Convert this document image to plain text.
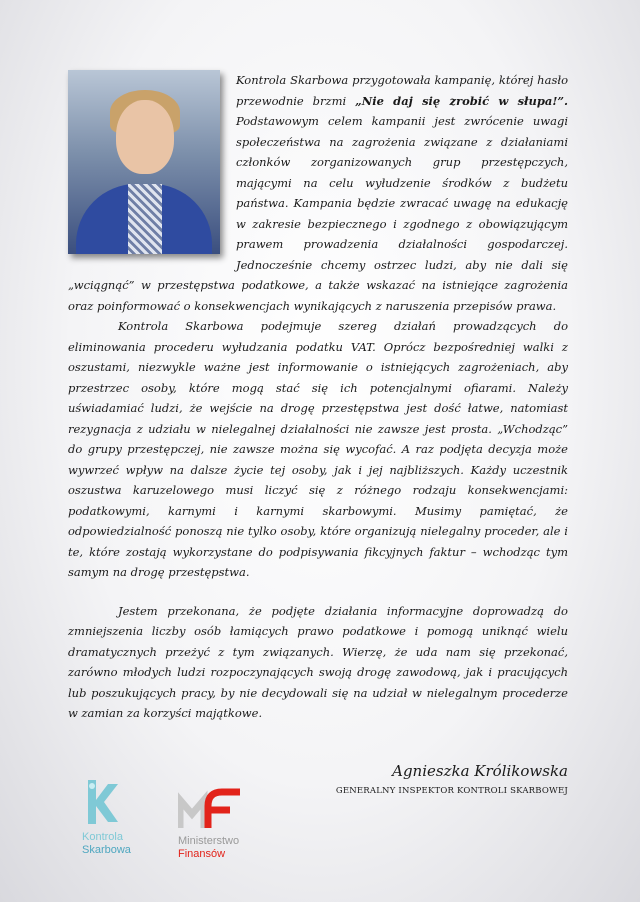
Kontrola Skarbowa przygotowała kampanię, której hasło przewodnie brzmi „Nie daj się zrobić w słupa!”. Podstawowym celem kampanii jest zwrócenie uwagi społeczeństwa na zagrożenia związane z działaniami członków zorganizowanych grup przestępczych, mającymi na celu wyłudzenie środków z budżetu państwa. Kampania będzie zwracać uwagę na edukację w zakresie bezpiecznego i zgodnego z obowiązującym prawem prowadzenia działalności gospodarczej. Jednocześnie chcemy ostrzec ludzi, aby nie dali się „wciągnąć” w przestępstwa podatkowe, a także wskazać na istniejące zagrożenia oraz poinformować o konsekwencjach wynikających z naruszenia przepisów prawa.

Kontrola Skarbowa podejmuje szereg działań prowadzących do eliminowania procederu wyłudzania podatku VAT. Oprócz bezpośredniej walki z oszustami, niezwykle ważne jest informowanie o istniejących zagrożeniach, aby przestrzec osoby, które mogą stać się ich potencjalnymi ofiarami. Należy uświadamiać ludzi, że wejście na drogę przestępstwa jest dość łatwe, natomiast rezygnacja z udziału w nielegalnej działalności nie zawsze jest prosta. „Wchodząc” do grupy przestępczej, nie zawsze można się wycofać. A raz podjęta decyzja może wywrzeć wpływ na dalsze życie tej osoby, jak i jej najbliższych. Każdy uczestnik oszustwa karuzelowego musi liczyć się z różnego rodzaju konsekwencjami: podatkowymi, karnymi i karnymi skarbowymi. Musimy pamiętać, że odpowiedzialność ponoszą nie tylko osoby, które organizują nielegalny proceder, ale i te, które zostają wykorzystane do podpisywania fikcyjnych faktur – wchodząc tym samym na drogę przestępstwa.

Jestem przekonana, że podjęte działania informacyjne doprowadzą do zmniejszenia liczby osób łamiących prawo podatkowe i pomogą uniknąć wielu dramatycznych przeżyć z tym związanych. Wierzę, że uda nam się przekonać, zarówno młodych ludzi rozpoczynających swoją drogę zawodową, jak i pracujących lub poszukujących pracy, by nie decydowali się na udział w nielegalnym procederze w zamian za korzyści majątkowe.

Agnieszka Królikowska
GENERALNY INSPEKTOR KONTROLI SKARBOWEJ
Kontrola
Skarbowa
Ministerstwo
Finansów
